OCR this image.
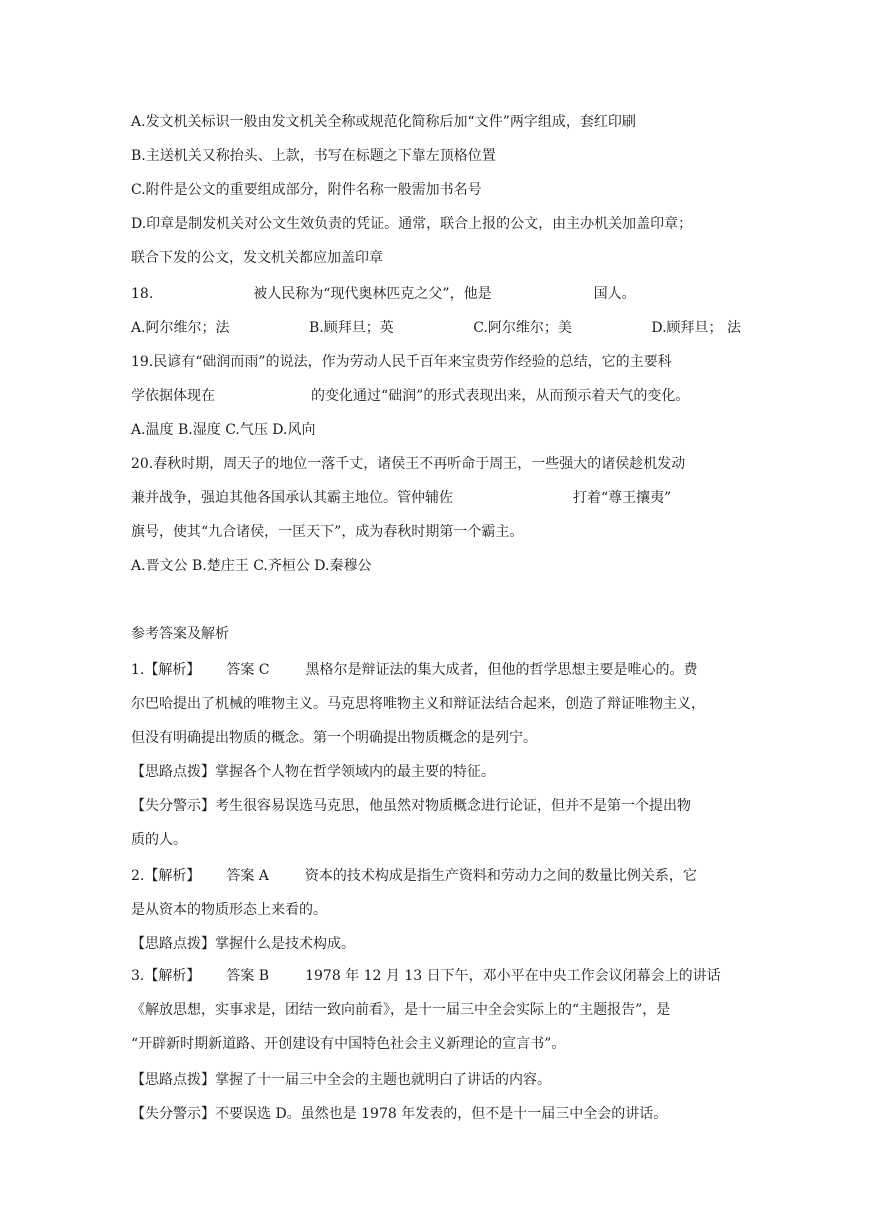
A.发文机关标识一般由发文机关全称或规范化简称后加“文件”两字组成，套红印刷
B.主送机关又称抬头、上款，书写在标题之下靠左顶格位置
C.附件是公文的重要组成部分，附件名称一般需加书名号
D.印章是制发机关对公文生效负责的凭证。通常，联合上报的公文，由主办机关加盖印章；
联合下发的公文，发文机关都应加盖印章
18.	被人民称为“现代奥林匹克之父”，他是	国人。
A.阿尔维尔；法	B.顾拜旦；英	C.阿尔维尔；美	D.顾拜旦； 法
19.民谚有“础润而雨”的说法，作为劳动人民千百年来宝贵劳作经验的总结，它的主要科
学依据体现在	的变化通过“础润”的形式表现出来，从而预示着天气的变化。
A.温度 B.湿度 C.气压 D.风向
20.春秋时期，周天子的地位一落千丈，诸侯王不再听命于周王，一些强大的诸侯趁机发动
兼并战争，强迫其他各国承认其霸主地位。管仲辅佐	打着“尊王攘夷”
旗号，使其“九合诸侯，一匡天下”，成为春秋时期第一个霸主。
A.晋文公 B.楚庄王 C.齐桓公 D.秦穆公
参考答案及解析
1.【解析】 答案 C	黑格尔是辩证法的集大成者，但他的哲学思想主要是唯心的。费
尔巴哈提出了机械的唯物主义。马克思将唯物主义和辩证法结合起来，创造了辩证唯物主义，
但没有明确提出物质的概念。第一个明确提出物质概念的是列宁。
【思路点拨】掌握各个人物在哲学领域内的最主要的特征。
【失分警示】考生很容易误选马克思，他虽然对物质概念进行论证，但并不是第一个提出物
质的人。
2.【解析】 答案 A	资本的技术构成是指生产资料和劳动力之间的数量比例关系，它
是从资本的物质形态上来看的。
【思路点拨】掌握什么是技术构成。
3.【解析】 答案 B	1978 年 12 月 13 日下午，邓小平在中央工作会议闭幕会上的讲话
《解放思想，实事求是，团结一致向前看》，是十一届三中全会实际上的“主题报告”，是
“开辟新时期新道路、开创建设有中国特色社会主义新理论的宣言书”。
【思路点拨】掌握了十一届三中全会的主题也就明白了讲话的内容。
【失分警示】不要误选 D。虽然也是 1978 年发表的，但不是十一届三中全会的讲话。
